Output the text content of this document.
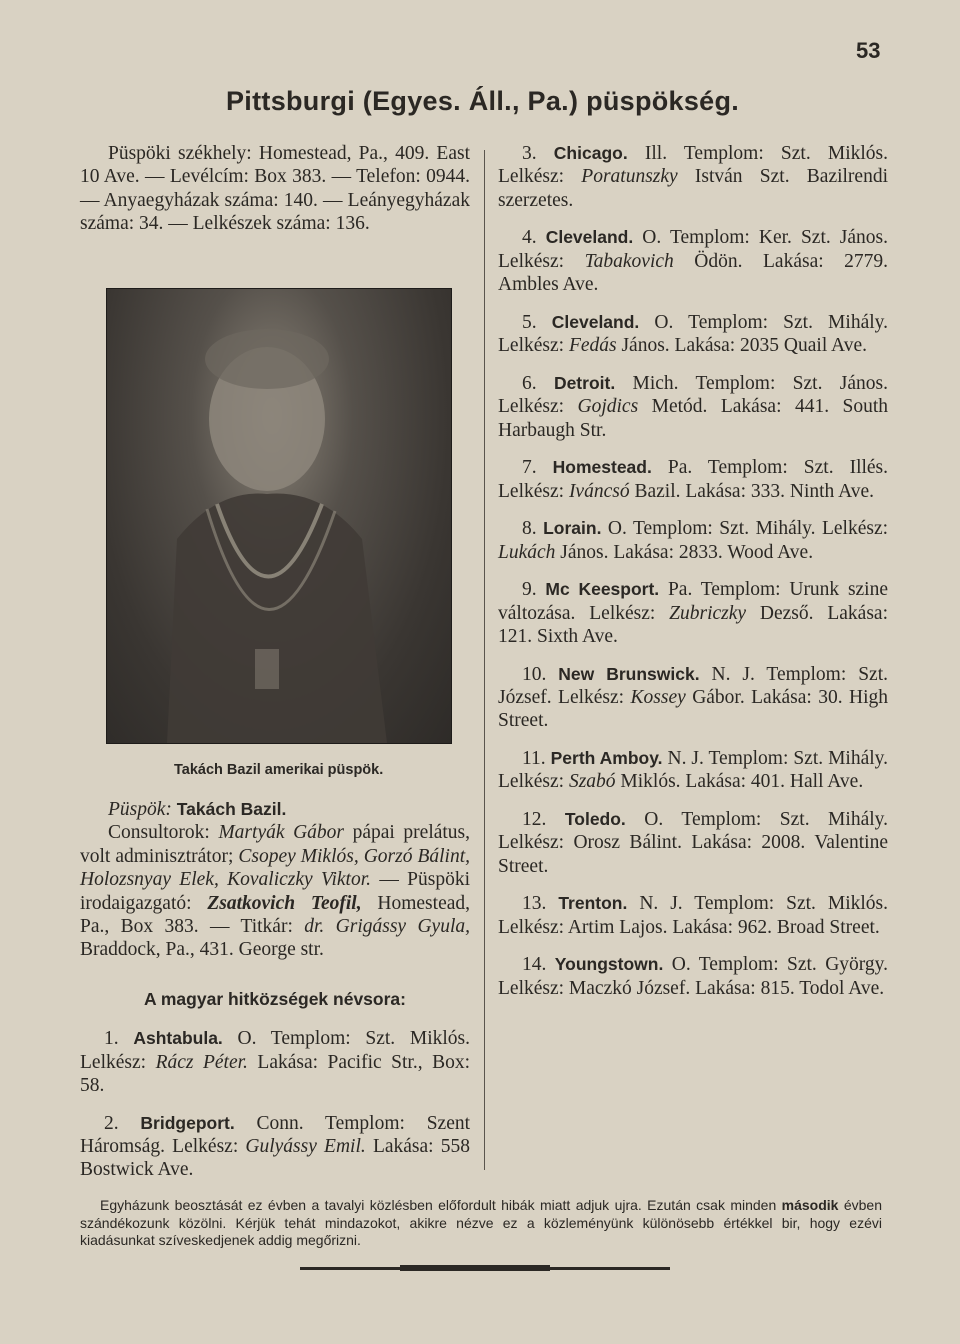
53
Pittsburgi (Egyes. Áll., Pa.) püspökség.

Püspöki székhely: Homestead, Pa., 409. East 10 Ave. — Levélcím: Box 383. — Telefon: 0944. — Anyaegyházak száma: 140. — Leányegyházak száma: 34. — Lelkészek száma: 136.

Takách Bazil amerikai püspök.

Püspök: Takách Bazil.

Consultorok: Martyák Gábor pápai prelátus, volt adminisztrátor; Csopey Miklós, Gorzó Bálint, Holozsnyay Elek, Kovaliczky Viktor. — Püspöki irodaigazgató: Zsatkovich Teofil, Homestead, Pa., Box 383. — Titkár: dr. Grigássy Gyula, Braddock, Pa., 431. George str.

A magyar hitközségek névsora:

1. Ashtabula. O. Templom: Szt. Miklós. Lelkész: Rácz Péter. Lakása: Pacific Str., Box: 58.

2. Bridgeport. Conn. Templom: Szent Háromság. Lelkész: Gulyássy Emil. Lakása: 558 Bostwick Ave.

3. Chicago. Ill. Templom: Szt. Miklós. Lelkész: Poratunszky István Szt. Bazilrendi szerzetes.

4. Cleveland. O. Templom: Ker. Szt. János. Lelkész: Tabakovich Ödön. Lakása: 2779. Ambles Ave.

5. Cleveland. O. Templom: Szt. Mihály. Lelkész: Fedás János. Lakása: 2035 Quail Ave.

6. Detroit. Mich. Templom: Szt. János. Lelkész: Gojdics Metód. Lakása: 441. South Harbaugh Str.

7. Homestead. Pa. Templom: Szt. Illés. Lelkész: Iváncsó Bazil. Lakása: 333. Ninth Ave.

8. Lorain. O. Templom: Szt. Mihály. Lelkész: Lukách János. Lakása: 2833. Wood Ave.

9. Mc Keesport. Pa. Templom: Urunk szine változása. Lelkész: Zubriczky Dezső. Lakása: 121. Sixth Ave.

10. New Brunswick. N. J. Templom: Szt. József. Lelkész: Kossey Gábor. Lakása: 30. High Street.

11. Perth Amboy. N. J. Templom: Szt. Mihály. Lelkész: Szabó Miklós. Lakása: 401. Hall Ave.

12. Toledo. O. Templom: Szt. Mihály. Lelkész: Orosz Bálint. Lakása: 2008. Valentine Street.

13. Trenton. N. J. Templom: Szt. Miklós. Lelkész: Artim Lajos. Lakása: 962. Broad Street.

14. Youngstown. O. Templom: Szt. György. Lelkész: Maczkó József. Lakása: 815. Todol Ave.

Egyházunk beosztását ez évben a tavalyi közlésben előfordult hibák miatt adjuk ujra. Ezután csak minden második évben szándékozunk közölni. Kérjük tehát mindazokot, akikre nézve ez a közleményünk különösebb értékkel bir, hogy ezévi kiadásunkat szíveskedjenek addig megőrizni.
